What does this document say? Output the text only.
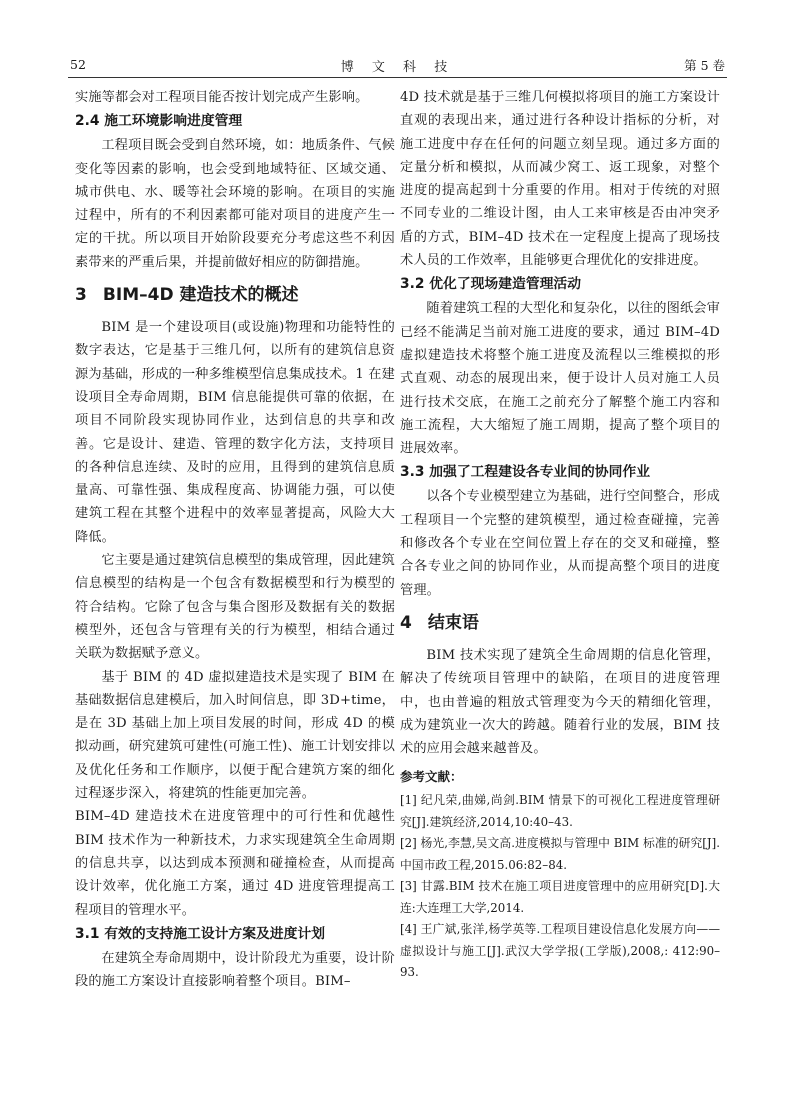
52	博 文 科 技	第 5 卷

实施等都会对工程项目能否按计划完成产生影响。

2.4 施工环境影响进度管理

工程项目既会受到自然环境，如：地质条件、气候变化等因素的影响，也会受到地域特征、区域交通、城市供电、水、暖等社会环境的影响。在项目的实施过程中，所有的不利因素都可能对项目的进度产生一定的干扰。所以项目开始阶段要充分考虑这些不利因素带来的严重后果，并提前做好相应的防御措施。

3 BIM–4D 建造技术的概述

BIM 是一个建设项目(或设施)物理和功能特性的数字表达，它是基于三维几何，以所有的建筑信息资源为基础，形成的一种多维模型信息集成技术。1 在建设项目全寿命周期，BIM 信息能提供可靠的依据，在项目不同阶段实现协同作业，达到信息的共享和改善。它是设计、建造、管理的数字化方法，支持项目的各种信息连续、及时的应用，且得到的建筑信息质量高、可靠性强、集成程度高、协调能力强，可以使建筑工程在其整个进程中的效率显著提高，风险大大降低。

它主要是通过建筑信息模型的集成管理，因此建筑信息模型的结构是一个包含有数据模型和行为模型的符合结构。它除了包含与集合图形及数据有关的数据模型外，还包含与管理有关的行为模型，相结合通过关联为数据赋予意义。

基于 BIM 的 4D 虚拟建造技术是实现了 BIM 在基础数据信息建模后，加入时间信息，即 3D+time，是在 3D 基础上加上项目发展的时间，形成 4D 的模拟动画，研究建筑可建性(可施工性)、施工计划安排以及优化任务和工作顺序，以便于配合建筑方案的细化过程逐步深入，将建筑的性能更加完善。

BIM–4D 建造技术在进度管理中的可行性和优越性 BIM 技术作为一种新技术，力求实现建筑全生命周期的信息共享，以达到成本预测和碰撞检查，从而提高设计效率，优化施工方案，通过 4D 进度管理提高工程项目的管理水平。

3.1 有效的支持施工设计方案及进度计划

在建筑全寿命周期中，设计阶段尤为重要，设计阶段的施工方案设计直接影响着整个项目。BIM–

4D 技术就是基于三维几何模拟将项目的施工方案设计直观的表现出来，通过进行各种设计指标的分析，对施工进度中存在任何的问题立刻呈现。通过多方面的定量分析和模拟，从而减少窝工、返工现象，对整个进度的提高起到十分重要的作用。相对于传统的对照不同专业的二维设计图，由人工来审核是否由冲突矛盾的方式，BIM–4D 技术在一定程度上提高了现场技术人员的工作效率，且能够更合理优化的安排进度。

3.2 优化了现场建造管理活动

随着建筑工程的大型化和复杂化，以往的图纸会审已经不能满足当前对施工进度的要求，通过 BIM–4D 虚拟建造技术将整个施工进度及流程以三维模拟的形式直观、动态的展现出来，便于设计人员对施工人员进行技术交底，在施工之前充分了解整个施工内容和施工流程，大大缩短了施工周期，提高了整个项目的进展效率。

3.3 加强了工程建设各专业间的协同作业

以各个专业模型建立为基础，进行空间整合，形成工程项目一个完整的建筑模型，通过检查碰撞，完善和修改各个专业在空间位置上存在的交叉和碰撞，整合各专业之间的协同作业，从而提高整个项目的进度管理。

4 结束语

BIM 技术实现了建筑全生命周期的信息化管理，解决了传统项目管理中的缺陷，在项目的进度管理中，也由普遍的粗放式管理变为今天的精细化管理，成为建筑业一次大的跨越。随着行业的发展，BIM 技术的应用会越来越普及。

参考文献：
[1] 纪凡荣,曲娣,尚剑.BIM 情景下的可视化工程进度管理研究[J].建筑经济,2014,10:40–43.
[2] 杨光,李慧,吴文高.进度模拟与管理中 BIM 标准的研究[J].中国市政工程,2015.06:82–84.
[3] 甘露.BIM 技术在施工项目进度管理中的应用研究[D].大连:大连理工大学,2014.
[4] 王广斌,张洋,杨学英等.工程项目建设信息化发展方向——虚拟设计与施工[J].武汉大学学报(工学版),2008,: 412:90–93.
